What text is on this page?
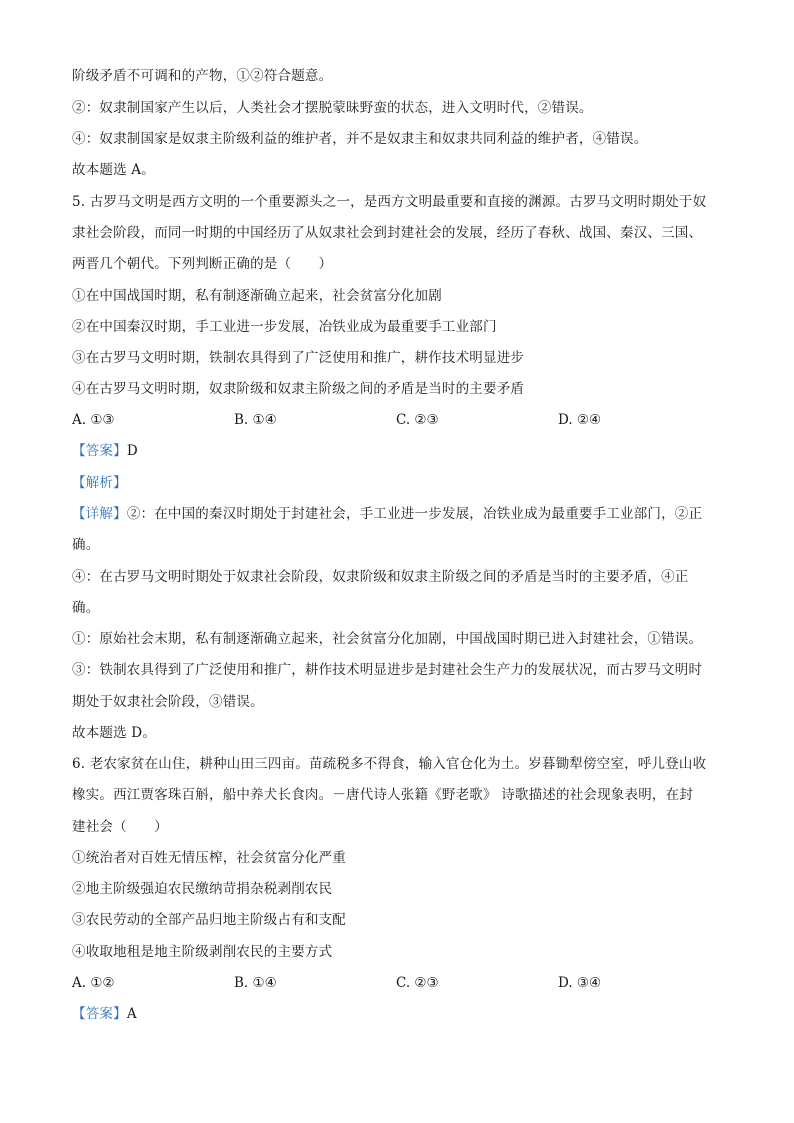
阶级矛盾不可调和的产物，①②符合题意。
②：奴隶制国家产生以后，人类社会才摆脱蒙昧野蛮的状态，进入文明时代，②错误。
④：奴隶制国家是奴隶主阶级利益的维护者，并不是奴隶主和奴隶共同利益的维护者，④错误。
故本题选 A。
5. 古罗马文明是西方文明的一个重要源头之一，是西方文明最重要和直接的渊源。古罗马文明时期处于奴
隶社会阶段，而同一时期的中国经历了从奴隶社会到封建社会的发展，经历了春秋、战国、秦汉、三国、
两晋几个朝代。下列判断正确的是（　　）
①在中国战国时期，私有制逐渐确立起来，社会贫富分化加剧
②在中国秦汉时期，手工业进一步发展，冶铁业成为最重要手工业部门
③在古罗马文明时期，铁制农具得到了广泛使用和推广，耕作技术明显进步
④在古罗马文明时期，奴隶阶级和奴隶主阶级之间的矛盾是当时的主要矛盾
A. ①③	B. ①④	C. ②③	D. ②④
【答案】D
【解析】
【详解】②：在中国的秦汉时期处于封建社会，手工业进一步发展，冶铁业成为最重要手工业部门，②正
确。
④：在古罗马文明时期处于奴隶社会阶段，奴隶阶级和奴隶主阶级之间的矛盾是当时的主要矛盾，④正
确。
①：原始社会末期，私有制逐渐确立起来，社会贫富分化加剧，中国战国时期已进入封建社会，①错误。
③：铁制农具得到了广泛使用和推广，耕作技术明显进步是封建社会生产力的发展状况，而古罗马文明时
期处于奴隶社会阶段，③错误。
故本题选 D。
6. 老农家贫在山住，耕种山田三四亩。苗疏税多不得食，输入官仓化为土。岁暮锄犁傍空室，呼儿登山收
橡实。西江贾客珠百斛，船中养犬长食肉。－唐代诗人张籍《野老歌》 诗歌描述的社会现象表明，在封
建社会（　　）
①统治者对百姓无情压榨，社会贫富分化严重
②地主阶级强迫农民缴纳苛捐杂税剥削农民
③农民劳动的全部产品归地主阶级占有和支配
④收取地租是地主阶级剥削农民的主要方式
A. ①②	B. ①④	C. ②③	D. ③④
【答案】A
